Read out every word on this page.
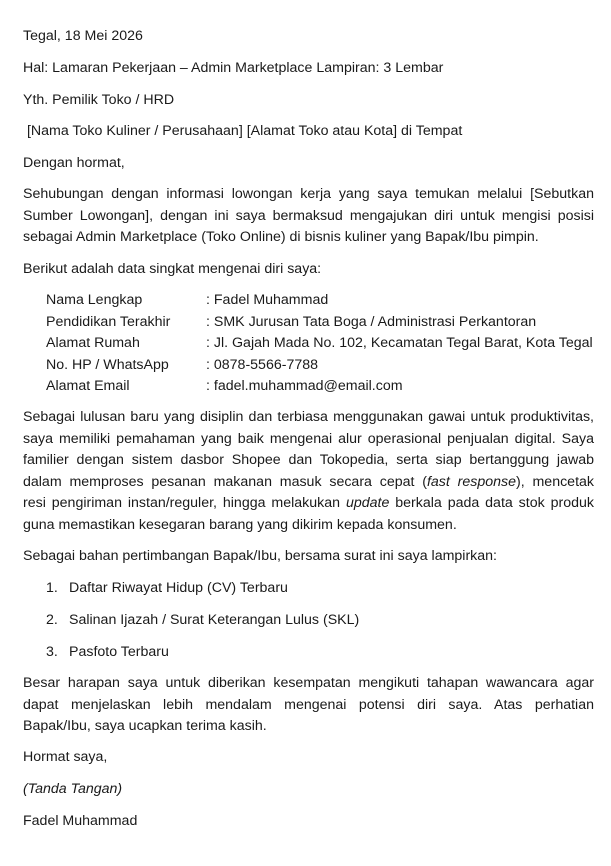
Tegal, 18 Mei 2026
Hal: Lamaran Pekerjaan – Admin Marketplace Lampiran: 3 Lembar
Yth. Pemilik Toko / HRD
[Nama Toko Kuliner / Perusahaan] [Alamat Toko atau Kota] di Tempat
Dengan hormat,
Sehubungan dengan informasi lowongan kerja yang saya temukan melalui [Sebutkan
Sumber Lowongan], dengan ini saya bermaksud mengajukan diri untuk mengisi posisi
sebagai Admin Marketplace (Toko Online) di bisnis kuliner yang Bapak/Ibu pimpin.
Berikut adalah data singkat mengenai diri saya:
Nama Lengkap	: Fadel Muhammad
Pendidikan Terakhir	: SMK Jurusan Tata Boga / Administrasi Perkantoran
Alamat Rumah	: Jl. Gajah Mada No. 102, Kecamatan Tegal Barat, Kota Tegal
No. HP / WhatsApp	: 0878-5566-7788
Alamat Email	: fadel.muhammad@email.com
Sebagai lulusan baru yang disiplin dan terbiasa menggunakan gawai untuk produktivitas,
saya memiliki pemahaman yang baik mengenai alur operasional penjualan digital. Saya
familier dengan sistem dasbor Shopee dan Tokopedia, serta siap bertanggung jawab
dalam memproses pesanan makanan masuk secara cepat (fast response), mencetak
resi pengiriman instan/reguler, hingga melakukan update berkala pada data stok produk
guna memastikan kesegaran barang yang dikirim kepada konsumen.
Sebagai bahan pertimbangan Bapak/Ibu, bersama surat ini saya lampirkan:
1. Daftar Riwayat Hidup (CV) Terbaru
2. Salinan Ijazah / Surat Keterangan Lulus (SKL)
3. Pasfoto Terbaru
Besar harapan saya untuk diberikan kesempatan mengikuti tahapan wawancara agar
dapat menjelaskan lebih mendalam mengenai potensi diri saya. Atas perhatian
Bapak/Ibu, saya ucapkan terima kasih.
Hormat saya,
(Tanda Tangan)
Fadel Muhammad
